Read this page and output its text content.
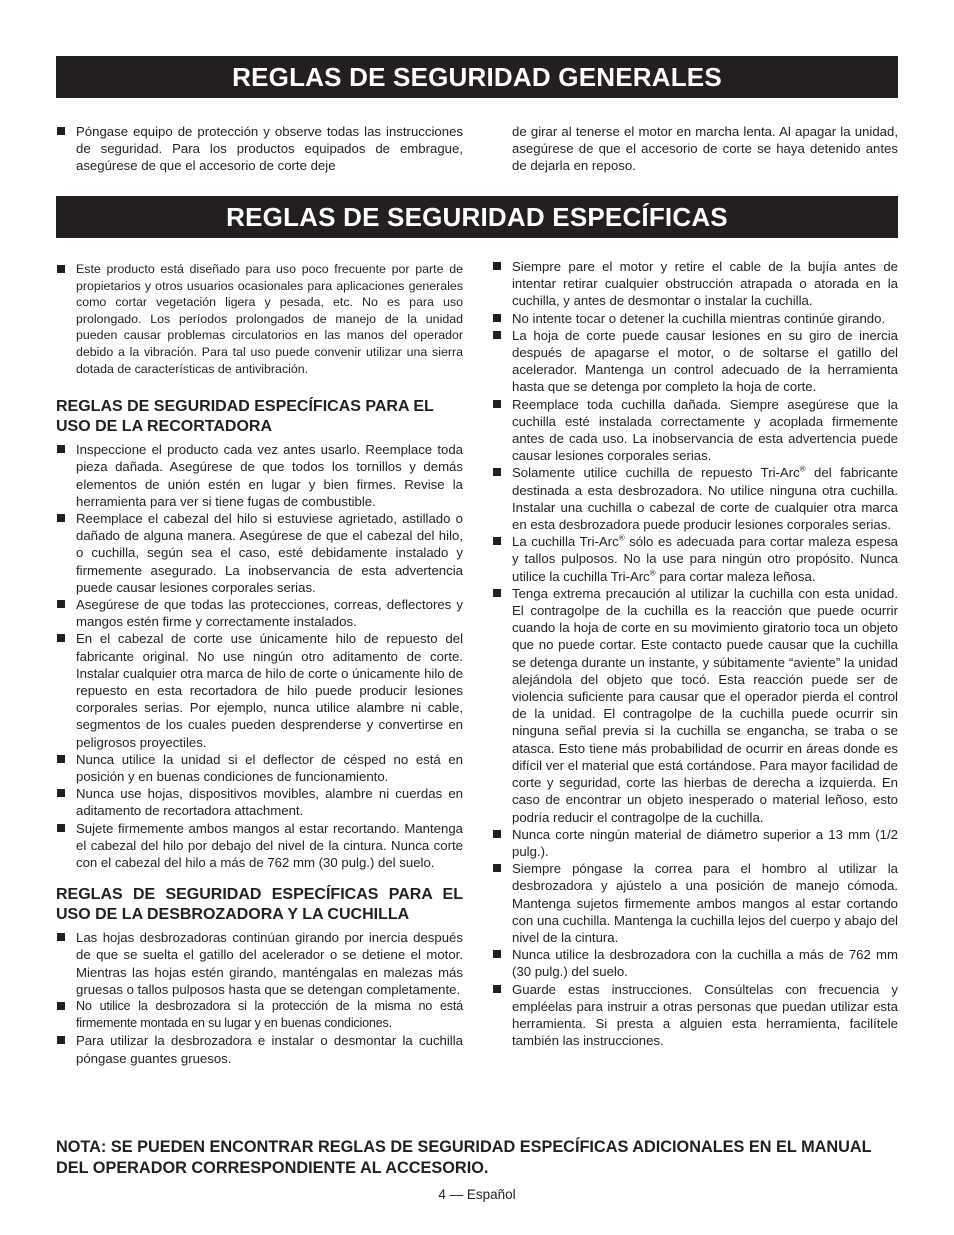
REGLAS DE SEGURIDAD GENERALES
Póngase equipo de protección y observe todas las instrucciones de seguridad. Para los productos equipados de embrague, asegúrese de que el accesorio de corte deje
de girar al tenerse el motor en marcha lenta. Al apagar la unidad, asegúrese de que el accesorio de corte se haya detenido antes de dejarla en reposo.
REGLAS DE SEGURIDAD ESPECÍFICAS
Este producto está diseñado para uso poco frecuente por parte de propietarios y otros usuarios ocasionales para aplicaciones generales como cortar vegetación ligera y pesada, etc. No es para uso prolongado. Los períodos prolongados de manejo de la unidad pueden causar problemas circulatorios en las manos del operador debido a la vibración. Para tal uso puede convenir utilizar una sierra dotada de características de antivibración.
REGLAS DE SEGURIDAD ESPECÍFICAS PARA EL USO DE LA RECORTADORA
Inspeccione el producto cada vez antes usarlo. Reemplace toda pieza dañada. Asegúrese de que todos los tornillos y demás elementos de unión estén en lugar y bien firmes. Revise la herramienta para ver si tiene fugas de combustible.
Reemplace el cabezal del hilo si estuviese agrietado, astillado o dañado de alguna manera. Asegúrese de que el cabezal del hilo, o cuchilla, según sea el caso, esté debidamente instalado y firmemente asegurado. La inobservancia de esta advertencia puede causar lesiones corporales serias.
Asegúrese de que todas las protecciones, correas, deflectores y mangos estén firme y correctamente instalados.
En el cabezal de corte use únicamente hilo de repuesto del fabricante original. No use ningún otro aditamento de corte. Instalar cualquier otra marca de hilo de corte o únicamente hilo de repuesto en esta recortadora de hilo puede producir lesiones corporales serias. Por ejemplo, nunca utilice alambre ni cable, segmentos de los cuales pueden desprenderse y convertirse en peligrosos proyectiles.
Nunca utilice la unidad si el deflector de césped no está en posición y en buenas condiciones de funcionamiento.
Nunca use hojas, dispositivos movibles, alambre ni cuerdas en aditamento de recortadora attachment.
Sujete firmemente ambos mangos al estar recortando. Mantenga el cabezal del hilo por debajo del nivel de la cintura. Nunca corte con el cabezal del hilo a más de 762 mm (30 pulg.) del suelo.
REGLAS DE SEGURIDAD ESPECÍFICAS PARA EL USO DE LA DESBROZADORA Y LA CUCHILLA
Las hojas desbrozadoras continúan girando por inercia después de que se suelta el gatillo del acelerador o se detiene el motor. Mientras las hojas estén girando, manténgalas en malezas más gruesas o tallos pulposos hasta que se detengan completamente.
No utilice la desbrozadora si la protección de la misma no está firmemente montada en su lugar y en buenas condiciones.
Para utilizar la desbrozadora e instalar o desmontar la cuchilla póngase guantes gruesos.
Siempre pare el motor y retire el cable de la bujía antes de intentar retirar cualquier obstrucción atrapada o atorada en la cuchilla, y antes de desmontar o instalar la cuchilla.
No intente tocar o detener la cuchilla mientras continúe girando.
La hoja de corte puede causar lesiones en su giro de inercia después de apagarse el motor, o de soltarse el gatillo del acelerador. Mantenga un control adecuado de la herramienta hasta que se detenga por completo la hoja de corte.
Reemplace toda cuchilla dañada. Siempre asegúrese que la cuchilla esté instalada correctamente y acoplada firmemente antes de cada uso. La inobservancia de esta advertencia puede causar lesiones corporales serias.
Solamente utilice cuchilla de repuesto Tri-Arc® del fabricante destinada a esta desbrozadora. No utilice ninguna otra cuchilla. Instalar una cuchilla o cabezal de corte de cualquier otra marca en esta desbrozadora puede producir lesiones corporales serias.
La cuchilla Tri-Arc® sólo es adecuada para cortar maleza espesa y tallos pulposos. No la use para ningún otro propósito. Nunca utilice la cuchilla Tri-Arc® para cortar maleza leñosa.
Tenga extrema precaución al utilizar la cuchilla con esta unidad. El contragolpe de la cuchilla es la reacción que puede ocurrir cuando la hoja de corte en su movimiento giratorio toca un objeto que no puede cortar. Este contacto puede causar que la cuchilla se detenga durante un instante, y súbitamente “aviente” la unidad alejándola del objeto que tocó. Esta reacción puede ser de violencia suficiente para causar que el operador pierda el control de la unidad. El contragolpe de la cuchilla puede ocurrir sin ninguna señal previa si la cuchilla se engancha, se traba o se atasca. Esto tiene más probabilidad de ocurrir en áreas donde es difícil ver el material que está cortándose. Para mayor facilidad de corte y seguridad, corte las hierbas de derecha a izquierda. En caso de encontrar un objeto inesperado o material leñoso, esto podría reducir el contragolpe de la cuchilla.
Nunca corte ningún material de diámetro superior a 13 mm (1/2 pulg.).
Siempre póngase la correa para el hombro al utilizar la desbrozadora y ajústelo a una posición de manejo cómoda. Mantenga sujetos firmemente ambos mangos al estar cortando con una cuchilla. Mantenga la cuchilla lejos del cuerpo y abajo del nivel de la cintura.
Nunca utilice la desbrozadora con la cuchilla a más de 762 mm (30 pulg.) del suelo.
Guarde estas instrucciones. Consúltelas con frecuencia y empléelas para instruir a otras personas que puedan utilizar esta herramienta. Si presta a alguien esta herramienta, facilítele también las instrucciones.
NOTA: SE PUEDEN ENCONTRAR REGLAS DE SEGURIDAD ESPECÍFICAS ADICIONALES EN EL MANUAL DEL OPERADOR CORRESPONDIENTE AL ACCESORIO.
4 — Español
